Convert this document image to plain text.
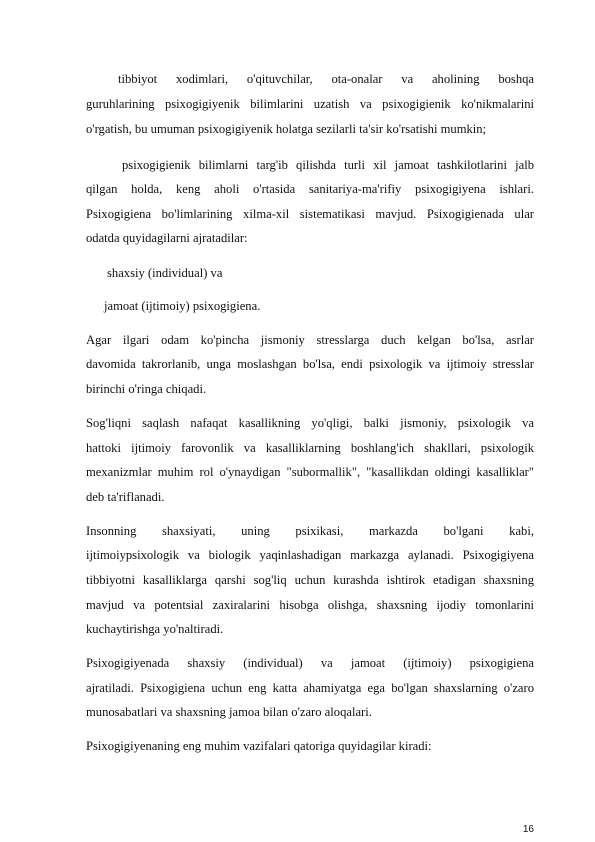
tibbiyot xodimlari, o'qituvchilar, ota-onalar va aholining boshqa
guruhlarining psixogigiyenik bilimlarini uzatish va psixogigienik ko'nikmalarini
o'rgatish, bu umuman psixogigiyenik holatga sezilarli ta'sir ko'rsatishi mumkin;
psixogigienik bilimlarni targ'ib qilishda turli xil jamoat tashkilotlarini jalb
qilgan holda, keng aholi o'rtasida sanitariya-ma'rifiy psixogigiyena ishlari.
Psixogigiena bo'limlarining xilma-xil sistematikasi mavjud. Psixogigienada ular
odatda quyidagilarni ajratadilar:
shaxsiy (individual) va
jamoat (ijtimoiy) psixogigiena.
Agar ilgari odam ko'pincha jismoniy stresslarga duch kelgan bo'lsa, asrlar
davomida takrorlanib, unga moslashgan bo'lsa, endi psixologik va ijtimoiy stresslar
birinchi o'ringa chiqadi.
Sog'liqni saqlash nafaqat kasallikning yo'qligi, balki jismoniy, psixologik va
hattoki ijtimoiy farovonlik va kasalliklarning boshlang'ich shakllari, psixologik
mexanizmlar muhim rol o'ynaydigan "subormallik", "kasallikdan oldingi kasalliklar"
deb ta'riflanadi.
Insonning shaxsiyati, uning psixikasi, markazda bo'lgani kabi,
ijtimoiypsixologik va biologik yaqinlashadigan markazga aylanadi. Psixogigiyena
tibbiyotni kasalliklarga qarshi sog'liq uchun kurashda ishtirok etadigan shaxsning
mavjud va potentsial zaxiralarini hisobga olishga, shaxsning ijodiy tomonlarini
kuchaytirishga yo'naltiradi.
Psixogigiyenada shaxsiy (individual) va jamoat (ijtimoiy) psixogigiena
ajratiladi. Psixogigiena uchun eng katta ahamiyatga ega bo'lgan shaxslarning o'zaro
munosabatlari va shaxsning jamoa bilan o'zaro aloqalari.
Psixogigiyenaning eng muhim vazifalari qatoriga quyidagilar kiradi:
16
